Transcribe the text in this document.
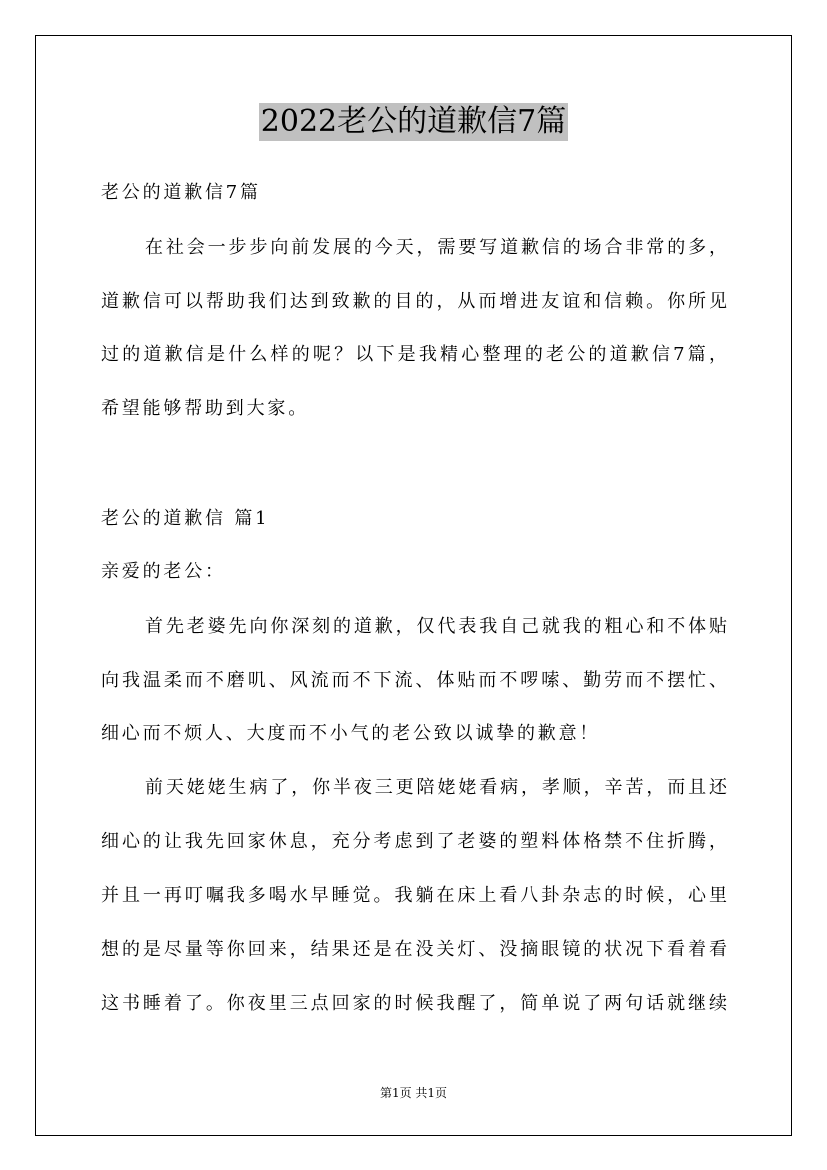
2022老公的道歉信7篇
老公的道歉信7篇
在社会一步步向前发展的今天，需要写道歉信的场合非常的多，
道歉信可以帮助我们达到致歉的目的，从而增进友谊和信赖。你所见
过的道歉信是什么样的呢？以下是我精心整理的老公的道歉信7篇，
希望能够帮助到大家。
老公的道歉信 篇1
亲爱的老公：
首先老婆先向你深刻的道歉，仅代表我自己就我的粗心和不体贴
向我温柔而不磨叽、风流而不下流、体贴而不啰嗦、勤劳而不摆忙、
细心而不烦人、大度而不小气的老公致以诚挚的歉意！
前天姥姥生病了，你半夜三更陪姥姥看病，孝顺，辛苦，而且还
细心的让我先回家休息，充分考虑到了老婆的塑料体格禁不住折腾，
并且一再叮嘱我多喝水早睡觉。我躺在床上看八卦杂志的时候，心里
想的是尽量等你回来，结果还是在没关灯、没摘眼镜的状况下看着看
这书睡着了。你夜里三点回家的时候我醒了，简单说了两句话就继续
第1页 共1页
